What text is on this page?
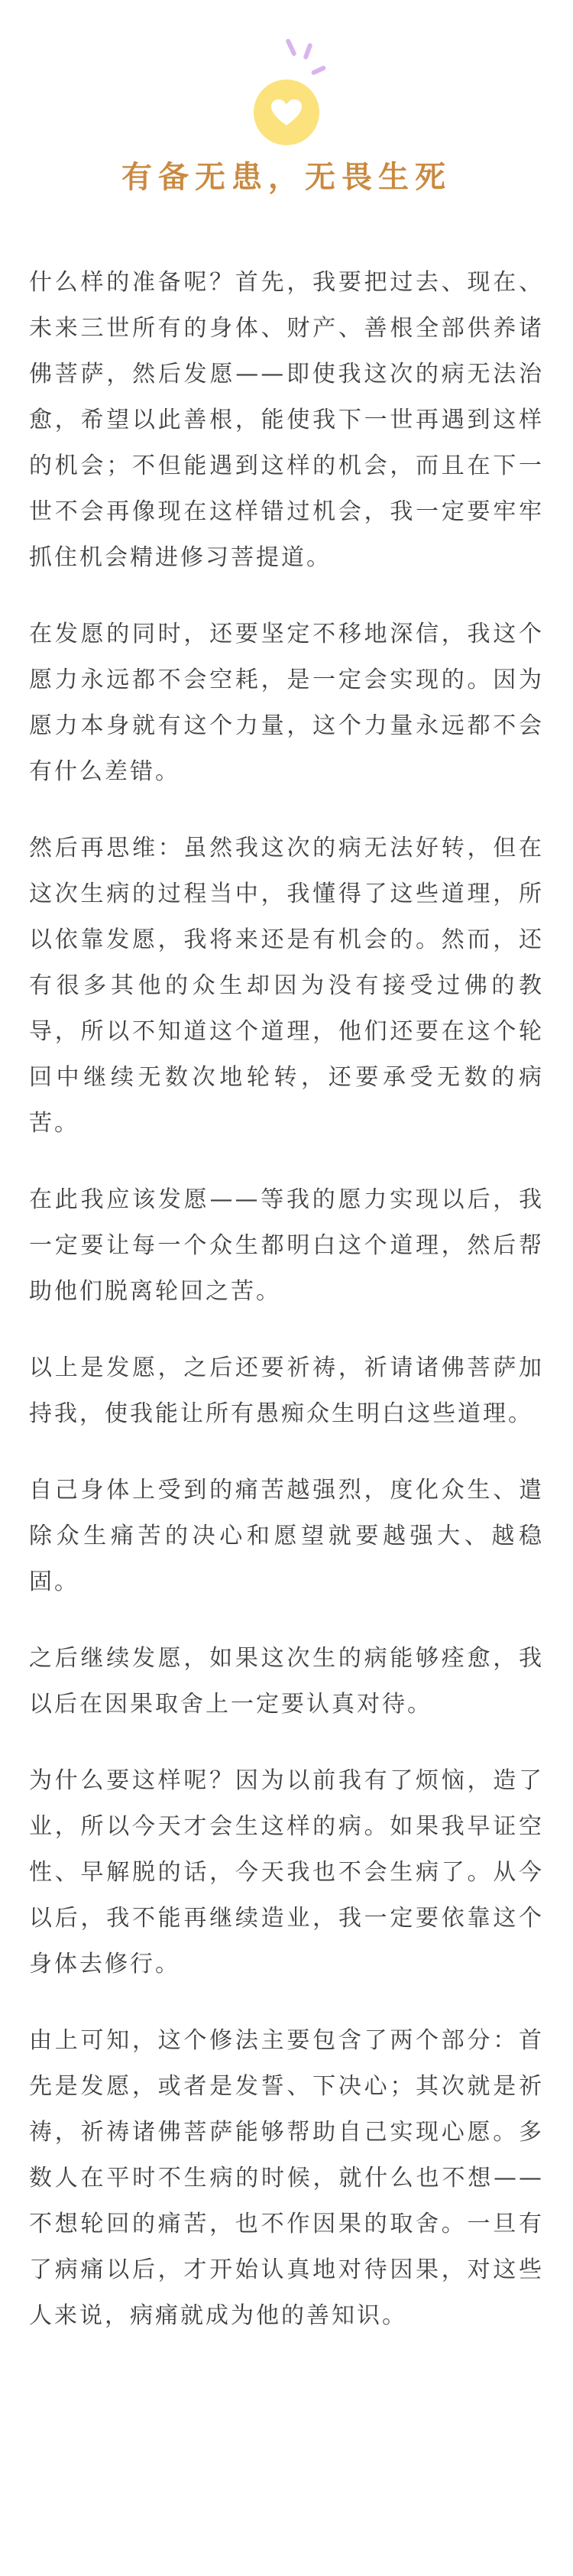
有备无患，无畏生死

什么样的准备呢？首先，我要把过去、现在、未来三世所有的身体、财产、善根全部供养诸佛菩萨，然后发愿——即使我这次的病无法治愈，希望以此善根，能使我下一世再遇到这样的机会；不但能遇到这样的机会，而且在下一世不会再像现在这样错过机会，我一定要牢牢抓住机会精进修习菩提道。

在发愿的同时，还要坚定不移地深信，我这个愿力永远都不会空耗，是一定会实现的。因为愿力本身就有这个力量，这个力量永远都不会有什么差错。

然后再思维：虽然我这次的病无法好转，但在这次生病的过程当中，我懂得了这些道理，所以依靠发愿，我将来还是有机会的。然而，还有很多其他的众生却因为没有接受过佛的教导，所以不知道这个道理，他们还要在这个轮回中继续无数次地轮转，还要承受无数的病苦。

在此我应该发愿——等我的愿力实现以后，我一定要让每一个众生都明白这个道理，然后帮助他们脱离轮回之苦。

以上是发愿，之后还要祈祷，祈请诸佛菩萨加持我，使我能让所有愚痴众生明白这些道理。

自己身体上受到的痛苦越强烈，度化众生、遣除众生痛苦的决心和愿望就要越强大、越稳固。

之后继续发愿，如果这次生的病能够痊愈，我以后在因果取舍上一定要认真对待。

为什么要这样呢？因为以前我有了烦恼，造了业，所以今天才会生这样的病。如果我早证空性、早解脱的话，今天我也不会生病了。从今以后，我不能再继续造业，我一定要依靠这个身体去修行。

由上可知，这个修法主要包含了两个部分：首先是发愿，或者是发誓、下决心；其次就是祈祷，祈祷诸佛菩萨能够帮助自己实现心愿。多数人在平时不生病的时候，就什么也不想——不想轮回的痛苦，也不作因果的取舍。一旦有了病痛以后，才开始认真地对待因果，对这些人来说，病痛就成为他的善知识。
